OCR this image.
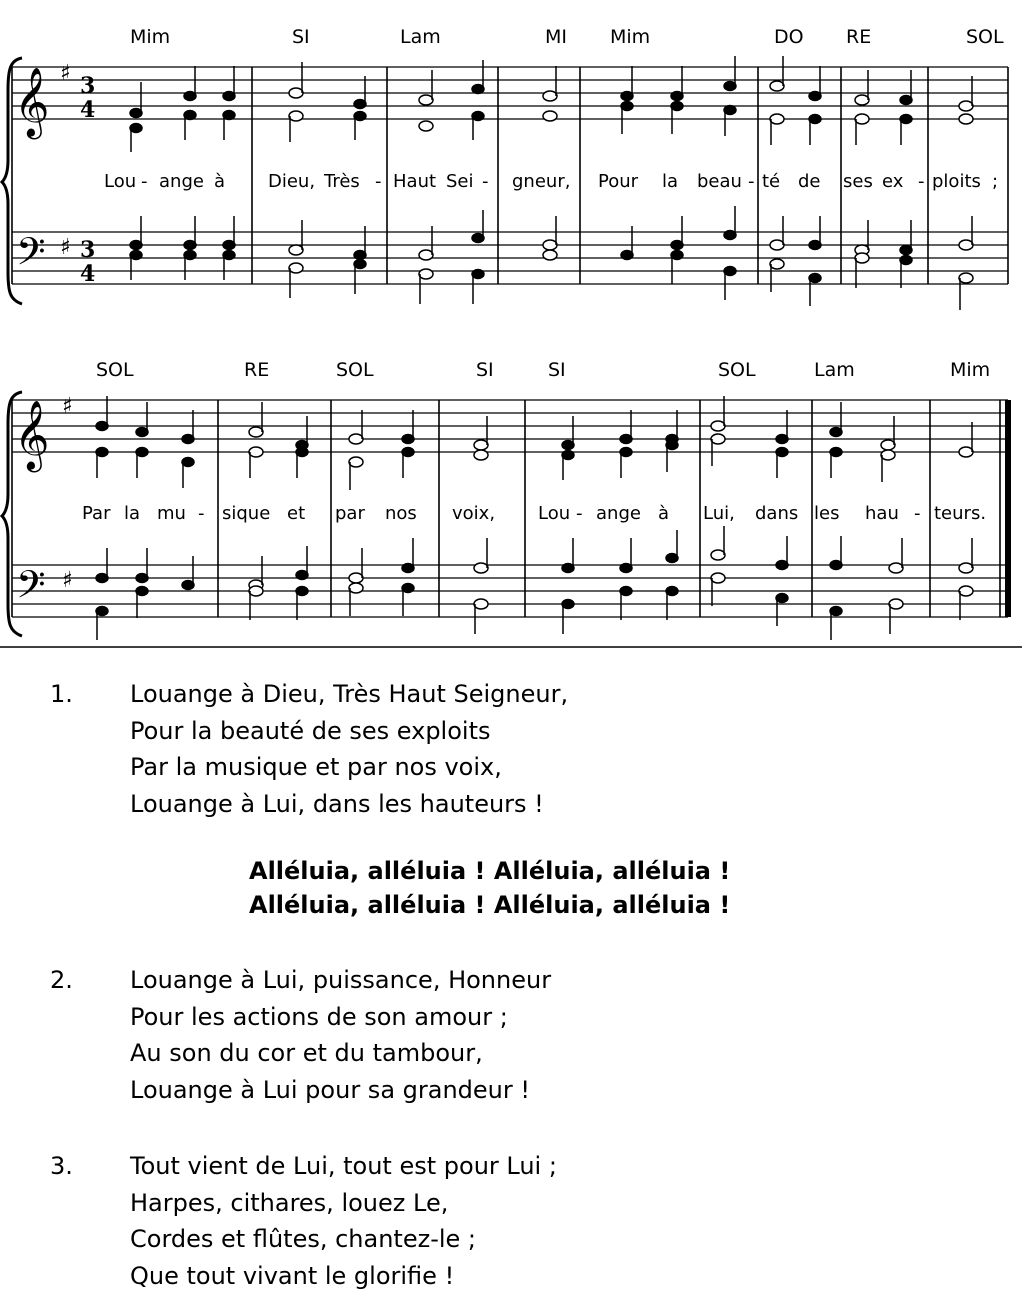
𝄞
𝄢
♯
♯
3
4
3
4
Mim	SI	Lam	MI Mim	DO RE	SOL
Lou - ange à Dieu, Très - Haut Sei - gneur, Pour la beau - té de ses ex - ploits ;
𝄞
𝄢
♯
♯
SOL	RE	SOL	SI	SI	SOL	Lam	Mim
Par la mu - sique et par nos voix, Lou - ange à Lui, dans les hau - teurs.
1. Louange à Dieu, Très Haut Seigneur,
Pour la beauté de ses exploits
Par la musique et par nos voix,
Louange à Lui, dans les hauteurs !
Alléluia, alléluia ! Alléluia, alléluia !
Alléluia, alléluia ! Alléluia, alléluia !
2. Louange à Lui, puissance, Honneur
Pour les actions de son amour ;
Au son du cor et du tambour,
Louange à Lui pour sa grandeur !
3. Tout vient de Lui, tout est pour Lui ;
Harpes, cithares, louez Le,
Cordes et flûtes, chantez-le ;
Que tout vivant le glorifie !
